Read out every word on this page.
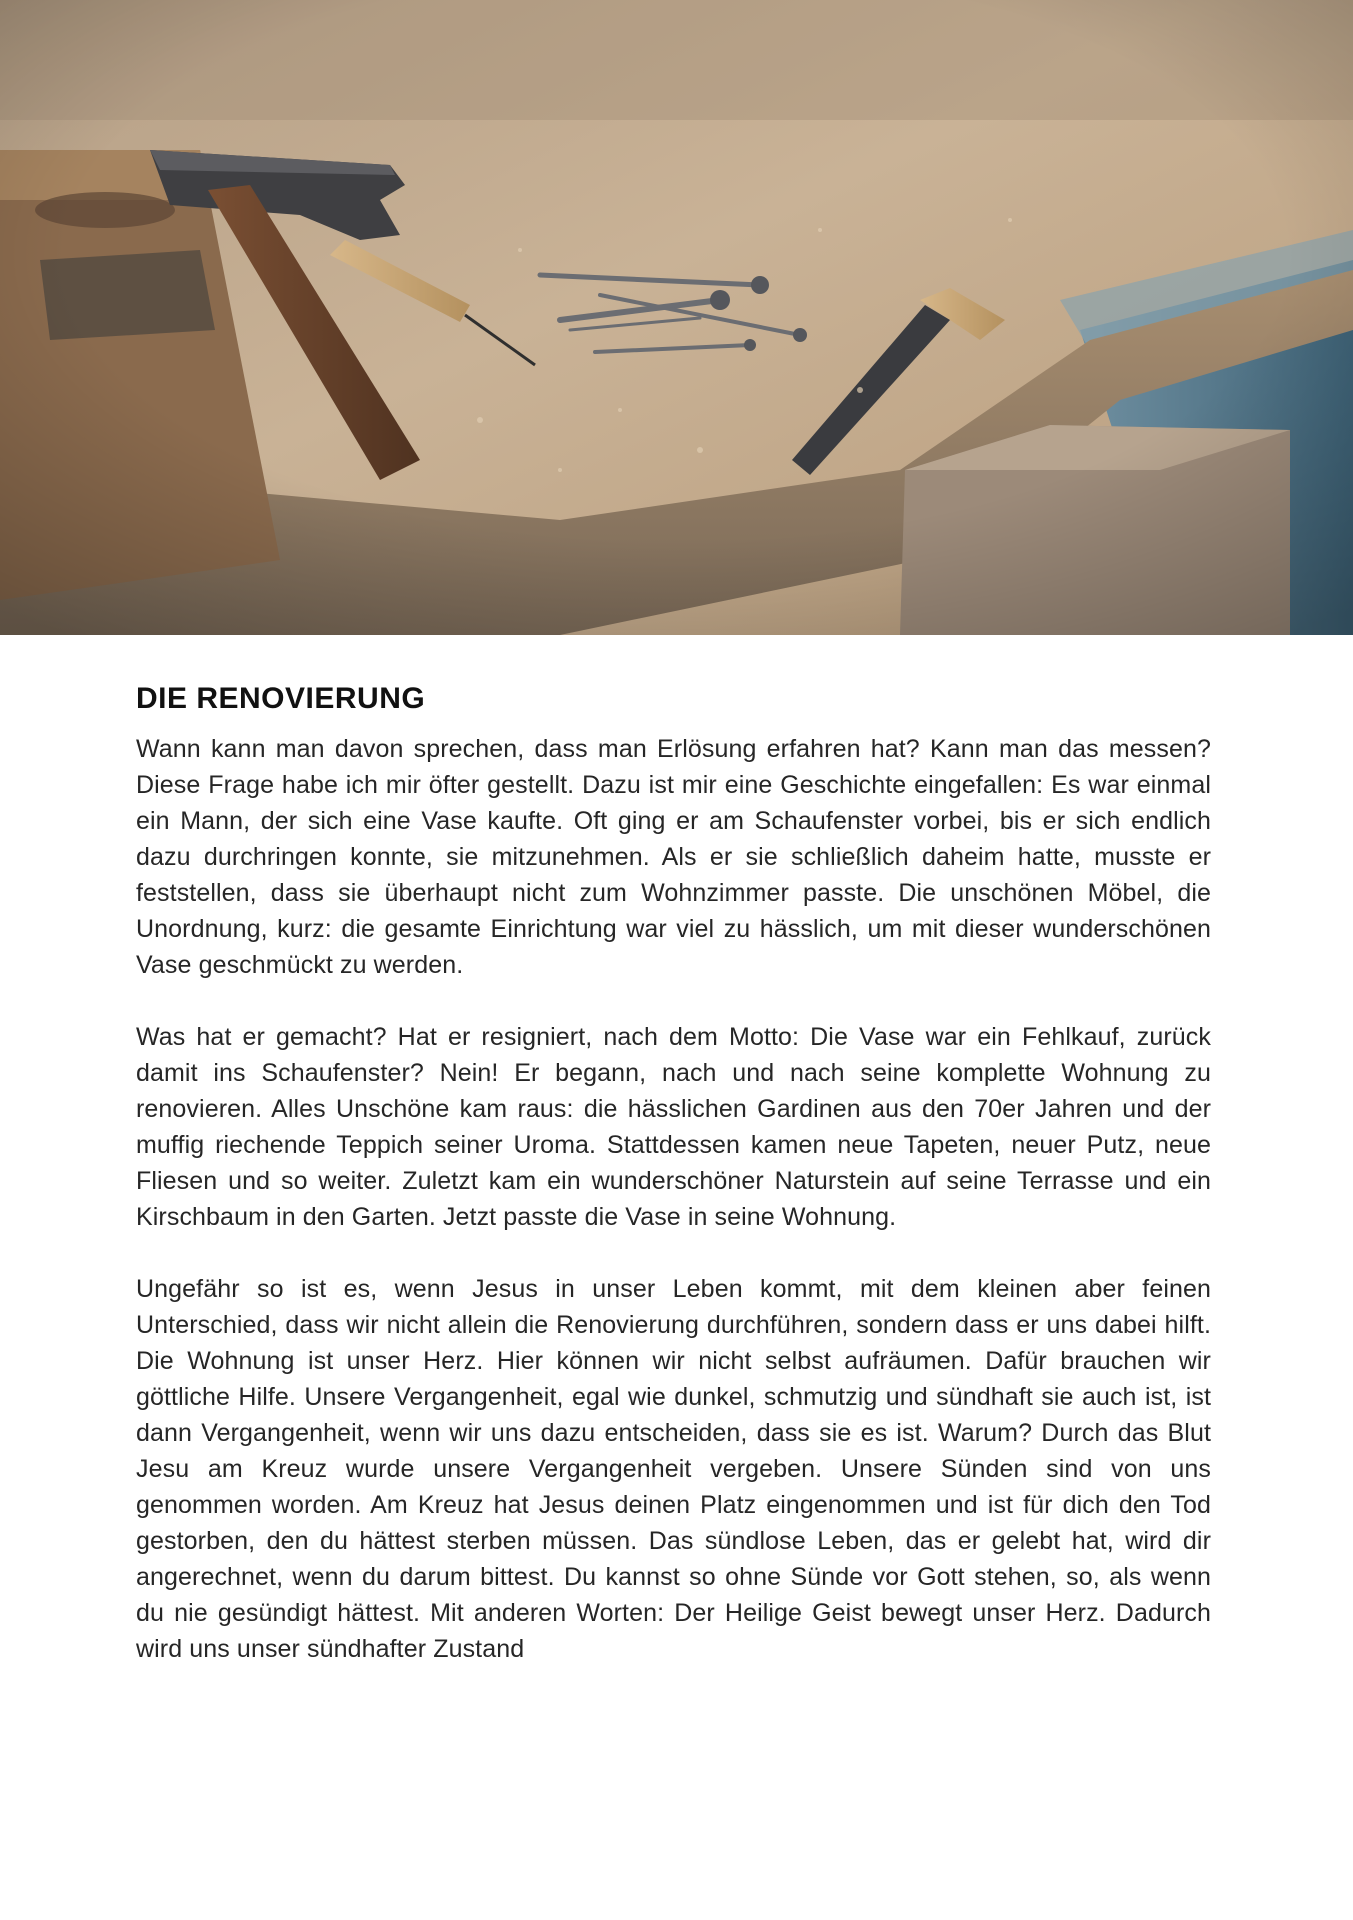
DIE RENOVIERUNG

Wann kann man davon sprechen, dass man Erlösung erfahren hat? Kann man das messen? Diese Frage habe ich mir öfter gestellt. Dazu ist mir eine Geschichte eingefallen: Es war einmal ein Mann, der sich eine Vase kaufte. Oft ging er am Schaufenster vorbei, bis er sich endlich dazu durchringen konnte, sie mitzunehmen. Als er sie schließlich daheim hatte, musste er feststellen, dass sie überhaupt nicht zum Wohnzimmer passte. Die unschönen Möbel, die Unordnung, kurz: die gesamte Einrichtung war viel zu hässlich, um mit dieser wunderschönen Vase geschmückt zu werden.

Was hat er gemacht? Hat er resigniert, nach dem Motto: Die Vase war ein Fehlkauf, zurück damit ins Schaufenster? Nein! Er begann, nach und nach seine komplette Wohnung zu renovieren. Alles Unschöne kam raus: die hässlichen Gardinen aus den 70er Jahren und der muffig riechende Teppich seiner Uroma. Stattdessen kamen neue Tapeten, neuer Putz, neue Fliesen und so weiter. Zuletzt kam ein wunderschöner Naturstein auf seine Terrasse und ein Kirschbaum in den Garten. Jetzt passte die Vase in seine Wohnung.

Ungefähr so ist es, wenn Jesus in unser Leben kommt, mit dem kleinen aber feinen Unterschied, dass wir nicht allein die Renovierung durchführen, sondern dass er uns dabei hilft. Die Wohnung ist unser Herz. Hier können wir nicht selbst aufräumen. Dafür brauchen wir göttliche Hilfe. Unsere Vergangenheit, egal wie dunkel, schmutzig und sündhaft sie auch ist, ist dann Vergangenheit, wenn wir uns dazu entscheiden, dass sie es ist. Warum? Durch das Blut Jesu am Kreuz wurde unsere Vergangenheit vergeben. Unsere Sünden sind von uns genommen worden. Am Kreuz hat Jesus deinen Platz eingenommen und ist für dich den Tod gestorben, den du hättest sterben müssen. Das sündlose Leben, das er gelebt hat, wird dir angerechnet, wenn du darum bittest. Du kannst so ohne Sünde vor Gott stehen, so, als wenn du nie gesündigt hättest. Mit anderen Worten: Der Heilige Geist bewegt unser Herz. Dadurch wird uns unser sündhafter Zustand
